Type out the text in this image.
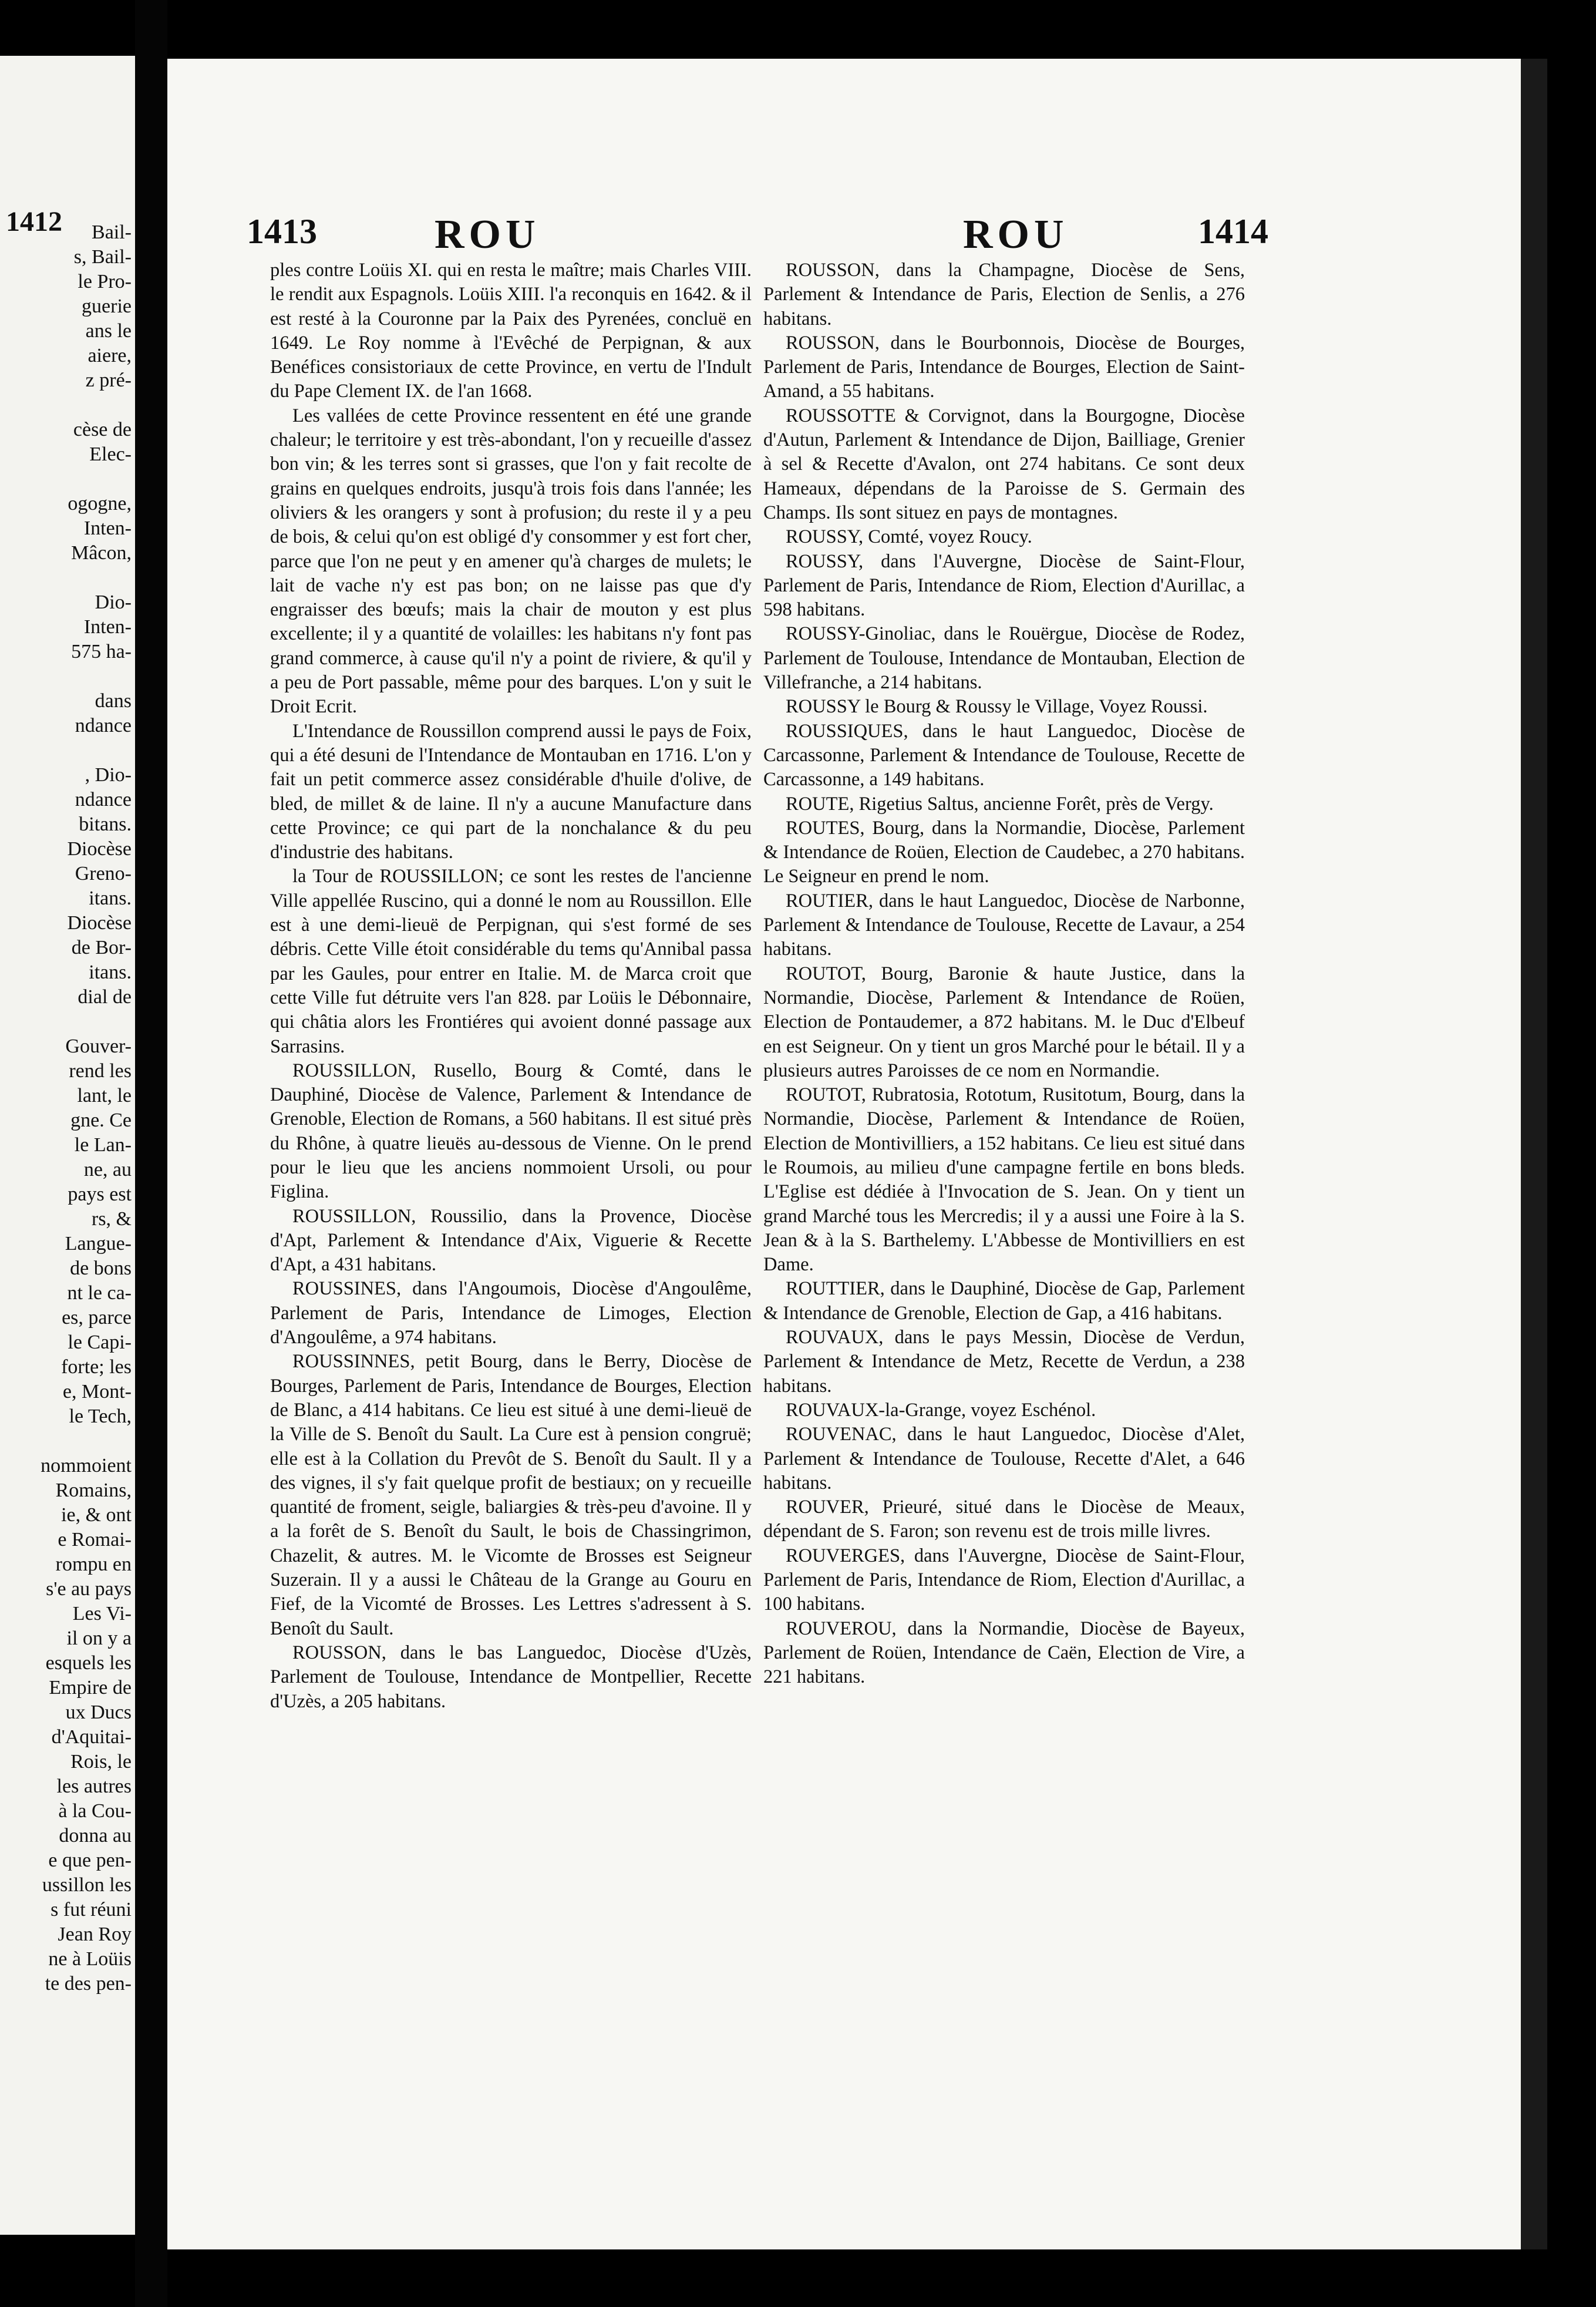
1412	Bail-
s, Bail-
le Pro-
guerie
ans le
aiere,
z pré-
cèse de
Elec-
ogogne,
Inten-
Mâcon,
Dio-
Inten-
575 ha-
dans
ndance
, Dio-
ndance
bitans.
Diocèse
Greno-
itans.
Diocèse
de Bor-
itans.
dial de
Gouver-
rend les
lant, le
gne. Ce
le Lan-
ne, au
pays est
rs, &
Langue-
de bons
nt le ca-
es, parce
le Capi-
forte; les
e, Mont-
le Tech,
nommoient
Romains,
ie, & ont
e Romai-
rompu en
s'e au pays
Les Vi-
il on y a
esquels les
Empire de
ux Ducs
d'Aquitai-
Rois, le
les autres
à la Cou-
donna au
e que pen-
ussillon les
s fut réuni
Jean Roy
ne à Loüis
te des pen-
1413	ROU	ROU	1414

ples contre Loüis XI. qui en resta le maître; mais Charles VIII. le rendit aux Espagnols. Loüis XIII. l'a reconquis en 1642. & il est resté à la Couronne par la Paix des Pyrenées, concluë en 1649. Le Roy nomme à l'Evêché de Perpignan, & aux Benéfices consistoriaux de cette Province, en vertu de l'Indult du Pape Clement IX. de l'an 1668.

Les vallées de cette Province ressentent en été une grande chaleur; le territoire y est très-abondant, l'on y recueille d'assez bon vin; & les terres sont si grasses, que l'on y fait recolte de grains en quelques endroits, jusqu'à trois fois dans l'année; les oliviers & les orangers y sont à profusion; du reste il y a peu de bois, & celui qu'on est obligé d'y consommer y est fort cher, parce que l'on ne peut y en amener qu'à charges de mulets; le lait de vache n'y est pas bon; on ne laisse pas que d'y engraisser des bœufs; mais la chair de mouton y est plus excellente; il y a quantité de volailles: les habitans n'y font pas grand commerce, à cause qu'il n'y a point de riviere, & qu'il y a peu de Port passable, même pour des barques. L'on y suit le Droit Ecrit.

L'Intendance de Roussillon comprend aussi le pays de Foix, qui a été desuni de l'Intendance de Montauban en 1716. L'on y fait un petit commerce assez considérable d'huile d'olive, de bled, de millet & de laine. Il n'y a aucune Manufacture dans cette Province; ce qui part de la nonchalance & du peu d'industrie des habitans.

la Tour de ROUSSILLON; ce sont les restes de l'ancienne Ville appellée Ruscino, qui a donné le nom au Roussillon. Elle est à une demi-lieuë de Perpignan, qui s'est formé de ses débris. Cette Ville étoit considérable du tems qu'Annibal passa par les Gaules, pour entrer en Italie. M. de Marca croit que cette Ville fut détruite vers l'an 828. par Loüis le Débonnaire, qui châtia alors les Frontiéres qui avoient donné passage aux Sarrasins.

ROUSSILLON, Rusello, Bourg & Comté, dans le Dauphiné, Diocèse de Valence, Parlement & Intendance de Grenoble, Election de Romans, a 560 habitans. Il est situé près du Rhône, à quatre lieuës au-dessous de Vienne. On le prend pour le lieu que les anciens nommoient Ursoli, ou pour Figlina.

ROUSSILLON, Roussilio, dans la Provence, Diocèse d'Apt, Parlement & Intendance d'Aix, Viguerie & Recette d'Apt, a 431 habitans.

ROUSSINES, dans l'Angoumois, Diocèse d'Angoulême, Parlement de Paris, Intendance de Limoges, Election d'Angoulême, a 974 habitans.

ROUSSINNES, petit Bourg, dans le Berry, Diocèse de Bourges, Parlement de Paris, Intendance de Bourges, Election de Blanc, a 414 habitans. Ce lieu est situé à une demi-lieuë de la Ville de S. Benoît du Sault. La Cure est à pension congruë; elle est à la Collation du Prevôt de S. Benoît du Sault. Il y a des vignes, il s'y fait quelque profit de bestiaux; on y recueille quantité de froment, seigle, baliargies & très-peu d'avoine. Il y a la forêt de S. Benoît du Sault, le bois de Chassingrimon, Chazelit, & autres. M. le Vicomte de Brosses est Seigneur Suzerain. Il y a aussi le Château de la Grange au Gouru en Fief, de la Vicomté de Brosses. Les Lettres s'adressent à S. Benoît du Sault.

ROUSSON, dans le bas Languedoc, Diocèse d'Uzès, Parlement de Toulouse, Intendance de Montpellier, Recette d'Uzès, a 205 habitans.

ROUSSON, dans la Champagne, Diocèse de Sens, Parlement & Intendance de Paris, Election de Senlis, a 276 habitans.

ROUSSON, dans le Bourbonnois, Diocèse de Bourges, Parlement de Paris, Intendance de Bourges, Election de Saint-Amand, a 55 habitans.

ROUSSOTTE & Corvignot, dans la Bourgogne, Diocèse d'Autun, Parlement & Intendance de Dijon, Bailliage, Grenier à sel & Recette d'Avalon, ont 274 habitans. Ce sont deux Hameaux, dépendans de la Paroisse de S. Germain des Champs. Ils sont situez en pays de montagnes.

ROUSSY, Comté, voyez Roucy.

ROUSSY, dans l'Auvergne, Diocèse de Saint-Flour, Parlement de Paris, Intendance de Riom, Election d'Aurillac, a 598 habitans.

ROUSSY-Ginoliac, dans le Rouërgue, Diocèse de Rodez, Parlement de Toulouse, Intendance de Montauban, Election de Villefranche, a 214 habitans.

ROUSSY le Bourg & Roussy le Village, Voyez Roussi.

ROUSSIQUES, dans le haut Languedoc, Diocèse de Carcassonne, Parlement & Intendance de Toulouse, Recette de Carcassonne, a 149 habitans.

ROUTE, Rigetius Saltus, ancienne Forêt, près de Vergy.

ROUTES, Bourg, dans la Normandie, Diocèse, Parlement & Intendance de Roüen, Election de Caudebec, a 270 habitans. Le Seigneur en prend le nom.

ROUTIER, dans le haut Languedoc, Diocèse de Narbonne, Parlement & Intendance de Toulouse, Recette de Lavaur, a 254 habitans.

ROUTOT, Bourg, Baronie & haute Justice, dans la Normandie, Diocèse, Parlement & Intendance de Roüen, Election de Pontaudemer, a 872 habitans. M. le Duc d'Elbeuf en est Seigneur. On y tient un gros Marché pour le bétail. Il y a plusieurs autres Paroisses de ce nom en Normandie.

ROUTOT, Rubratosia, Rototum, Rusitotum, Bourg, dans la Normandie, Diocèse, Parlement & Intendance de Roüen, Election de Montivilliers, a 152 habitans. Ce lieu est situé dans le Roumois, au milieu d'une campagne fertile en bons bleds. L'Eglise est dédiée à l'Invocation de S. Jean. On y tient un grand Marché tous les Mercredis; il y a aussi une Foire à la S. Jean & à la S. Barthelemy. L'Abbesse de Montivilliers en est Dame.

ROUTTIER, dans le Dauphiné, Diocèse de Gap, Parlement & Intendance de Grenoble, Election de Gap, a 416 habitans.

ROUVAUX, dans le pays Messin, Diocèse de Verdun, Parlement & Intendance de Metz, Recette de Verdun, a 238 habitans.

ROUVAUX-la-Grange, voyez Eschénol.

ROUVENAC, dans le haut Languedoc, Diocèse d'Alet, Parlement & Intendance de Toulouse, Recette d'Alet, a 646 habitans.

ROUVER, Prieuré, situé dans le Diocèse de Meaux, dépendant de S. Faron; son revenu est de trois mille livres.

ROUVERGES, dans l'Auvergne, Diocèse de Saint-Flour, Parlement de Paris, Intendance de Riom, Election d'Aurillac, a 100 habitans.

ROUVEROU, dans la Normandie, Diocèse de Bayeux, Parlement de Roüen, Intendance de Caën, Election de Vire, a 221 habitans.
